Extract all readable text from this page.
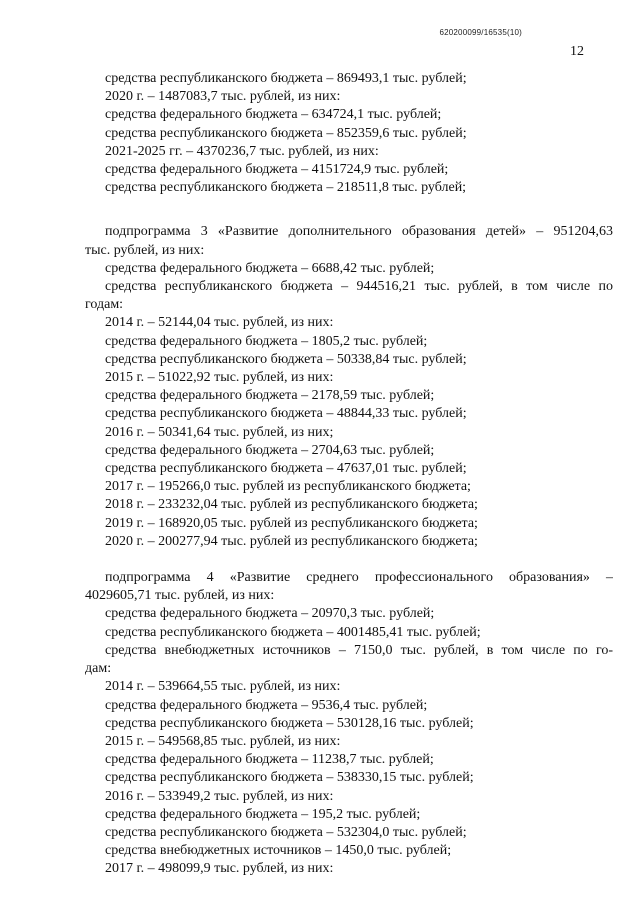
620200099/16535(10)
12
средства республиканского бюджета – 869493,1 тыс. рублей;
2020 г. – 1487083,7 тыс. рублей, из них:
средства федерального бюджета – 634724,1 тыс. рублей;
средства республиканского бюджета – 852359,6 тыс. рублей;
2021-2025 гг. – 4370236,7 тыс. рублей, из них:
средства федерального бюджета – 4151724,9 тыс. рублей;
средства республиканского бюджета – 218511,8 тыс. рублей;
подпрограмма 3 «Развитие дополнительного образования детей» – 951204,63
тыс. рублей, из них:
средства федерального бюджета – 6688,42 тыс. рублей;
средства республиканского бюджета – 944516,21 тыс. рублей, в том числе по
годам:
2014 г. – 52144,04 тыс. рублей, из них:
средства федерального бюджета – 1805,2 тыс. рублей;
средства республиканского бюджета – 50338,84 тыс. рублей;
2015 г. – 51022,92 тыс. рублей, из них:
средства федерального бюджета – 2178,59 тыс. рублей;
средства республиканского бюджета – 48844,33 тыс. рублей;
2016 г. – 50341,64 тыс. рублей, из них;
средства федерального бюджета – 2704,63 тыс. рублей;
средства республиканского бюджета – 47637,01 тыс. рублей;
2017 г. – 195266,0 тыс. рублей из республиканского бюджета;
2018 г. – 233232,04 тыс. рублей из республиканского бюджета;
2019 г. – 168920,05 тыс. рублей из республиканского бюджета;
2020 г. – 200277,94 тыс. рублей из республиканского бюджета;
подпрограмма 4 «Развитие среднего профессионального образования» –
4029605,71 тыс. рублей, из них:
средства федерального бюджета – 20970,3 тыс. рублей;
средства республиканского бюджета – 4001485,41 тыс. рублей;
средства внебюджетных источников – 7150,0 тыс. рублей, в том числе по го-
дам:
2014 г. – 539664,55 тыс. рублей, из них:
средства федерального бюджета – 9536,4 тыс. рублей;
средства республиканского бюджета – 530128,16 тыс. рублей;
2015 г. – 549568,85 тыс. рублей, из них:
средства федерального бюджета – 11238,7 тыс. рублей;
средства республиканского бюджета – 538330,15 тыс. рублей;
2016 г. – 533949,2 тыс. рублей, из них:
средства федерального бюджета – 195,2 тыс. рублей;
средства республиканского бюджета – 532304,0 тыс. рублей;
средства внебюджетных источников – 1450,0 тыс. рублей;
2017 г. – 498099,9 тыс. рублей, из них:
